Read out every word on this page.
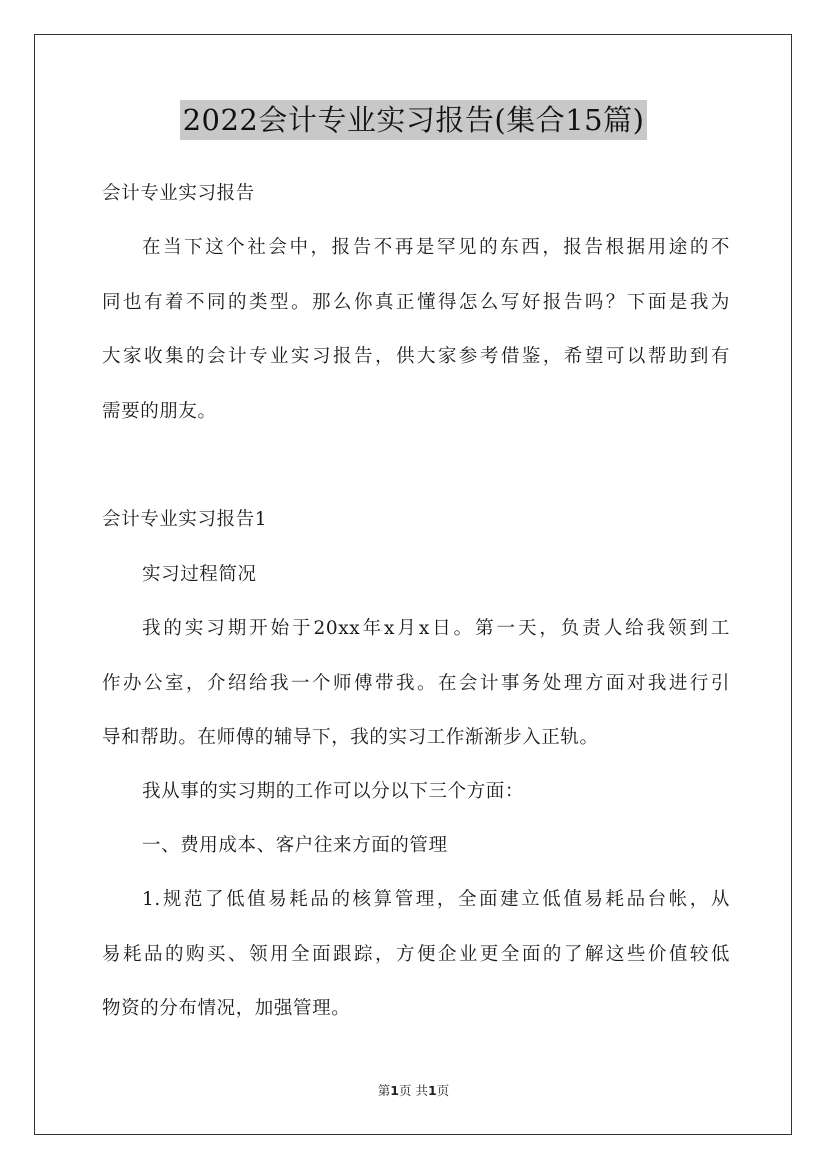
2022会计专业实习报告(集合15篇)
会计专业实习报告
在当下这个社会中，报告不再是罕见的东西，报告根据用途的不
同也有着不同的类型。那么你真正懂得怎么写好报告吗？下面是我为
大家收集的会计专业实习报告，供大家参考借鉴，希望可以帮助到有
需要的朋友。
会计专业实习报告1
实习过程简况
我的实习期开始于20xx年x月x日。第一天，负责人给我领到工
作办公室，介绍给我一个师傅带我。在会计事务处理方面对我进行引
导和帮助。在师傅的辅导下，我的实习工作渐渐步入正轨。
我从事的实习期的工作可以分以下三个方面：
一、费用成本、客户往来方面的管理
1.规范了低值易耗品的核算管理，全面建立低值易耗品台帐，从
易耗品的购买、领用全面跟踪，方便企业更全面的了解这些价值较低
物资的分布情况，加强管理。
第1页 共1页
